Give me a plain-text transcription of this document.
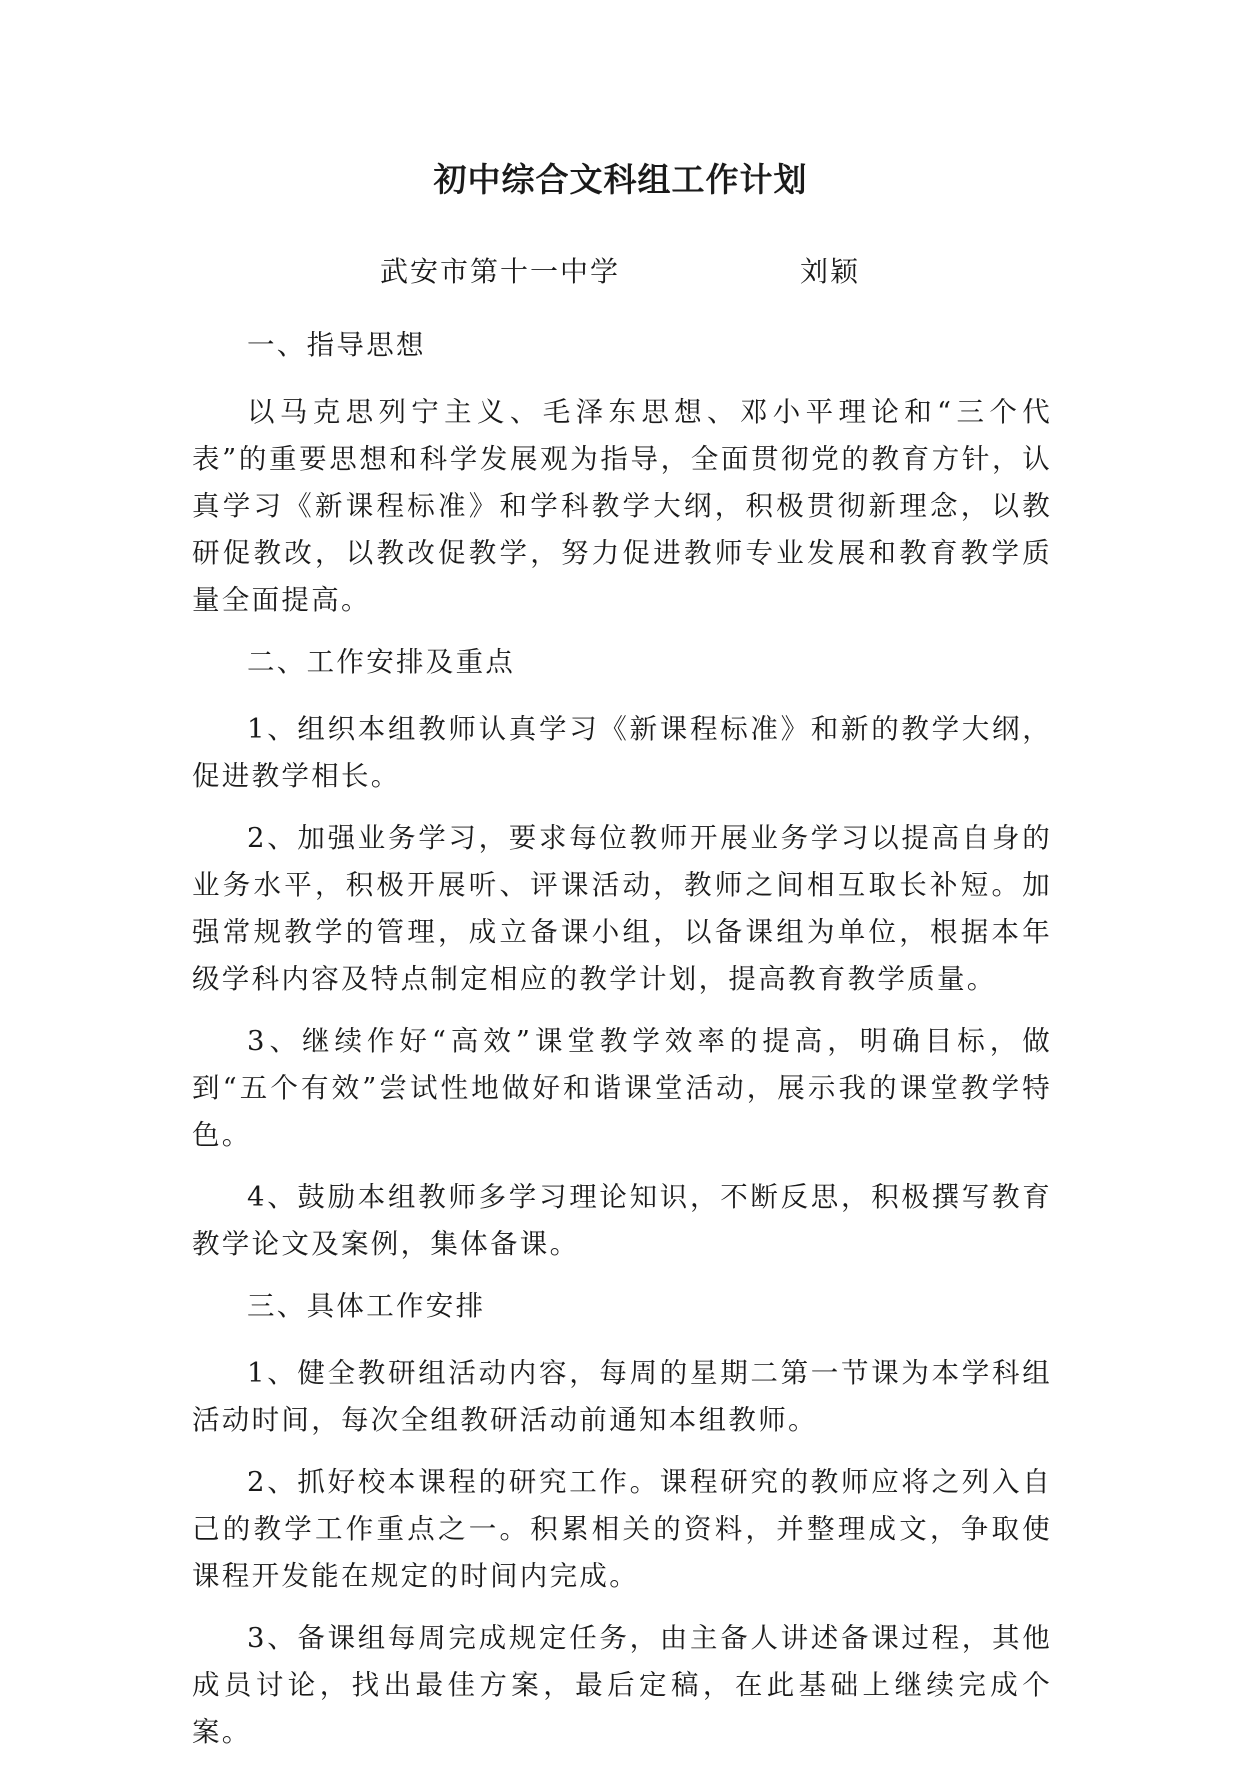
初中综合文科组工作计划
武安市第十一中学	刘颖

一、指导思想

以马克思列宁主义、毛泽东思想、邓小平理论和“三个代表”的重要思想和科学发展观为指导，全面贯彻党的教育方针，认真学习《新课程标准》和学科教学大纲，积极贯彻新理念，以教研促教改，以教改促教学，努力促进教师专业发展和教育教学质量全面提高。

二、工作安排及重点

1、组织本组教师认真学习《新课程标准》和新的教学大纲，促进教学相长。

2、加强业务学习，要求每位教师开展业务学习以提高自身的业务水平，积极开展听、评课活动，教师之间相互取长补短。加强常规教学的管理，成立备课小组，以备课组为单位，根据本年级学科内容及特点制定相应的教学计划，提高教育教学质量。

3、继续作好“高效”课堂教学效率的提高，明确目标，做到“五个有效”尝试性地做好和谐课堂活动，展示我的课堂教学特色。

4、鼓励本组教师多学习理论知识，不断反思，积极撰写教育教学论文及案例，集体备课。

三、具体工作安排

1、健全教研组活动内容，每周的星期二第一节课为本学科组活动时间，每次全组教研活动前通知本组教师。

2、抓好校本课程的研究工作。课程研究的教师应将之列入自己的教学工作重点之一。积累相关的资料，并整理成文，争取使课程开发能在规定的时间内完成。

3、备课组每周完成规定任务，由主备人讲述备课过程，其他成员讨论，找出最佳方案，最后定稿，在此基础上继续完成个案。
